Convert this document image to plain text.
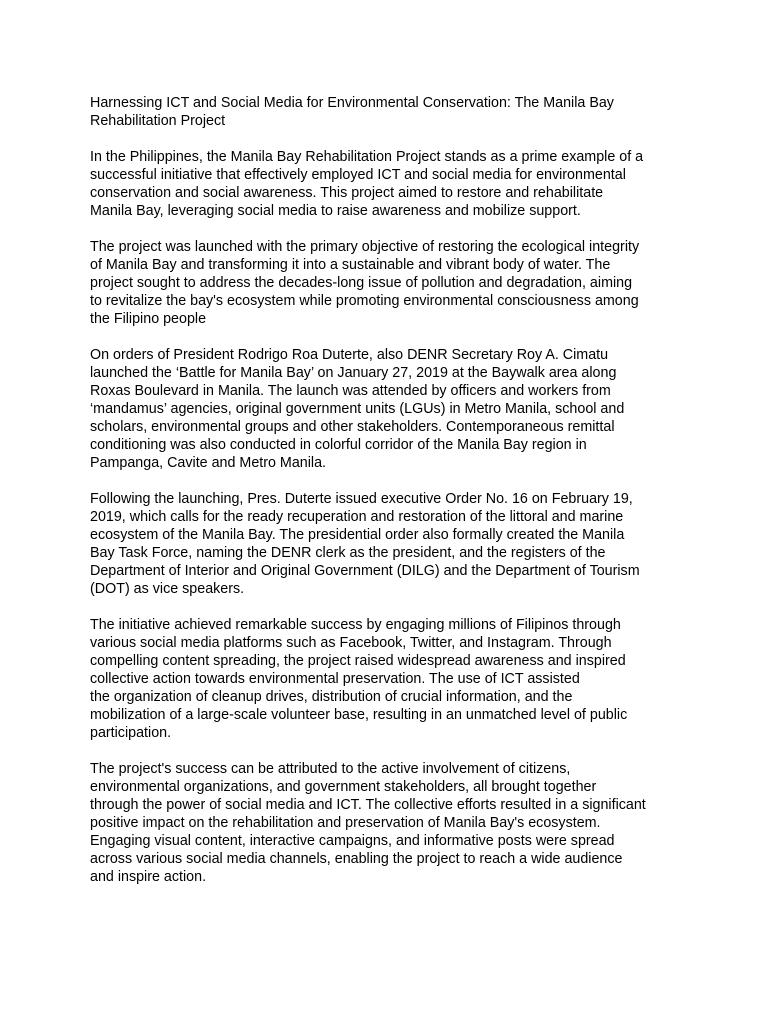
Harnessing ICT and Social Media for Environmental Conservation: The Manila Bay
Rehabilitation Project
In the Philippines, the Manila Bay Rehabilitation Project stands as a prime example of a
successful initiative that effectively employed ICT and social media for environmental
conservation and social awareness. This project aimed to restore and rehabilitate
Manila Bay, leveraging social media to raise awareness and mobilize support.
The project was launched with the primary objective of restoring the ecological integrity
of Manila Bay and transforming it into a sustainable and vibrant body of water. The
project sought to address the decades-long issue of pollution and degradation, aiming
to revitalize the bay's ecosystem while promoting environmental consciousness among
the Filipino people
On orders of President Rodrigo Roa Duterte, also DENR Secretary Roy A. Cimatu
launched the ‘Battle for Manila Bay’ on January 27, 2019 at the Baywalk area along
Roxas Boulevard in Manila. The launch was attended by officers and workers from
‘mandamus’ agencies, original government units (LGUs) in Metro Manila, school and
scholars, environmental groups and other stakeholders. Contemporaneous remittal
conditioning was also conducted in colorful corridor of the Manila Bay region in
Pampanga, Cavite and Metro Manila.
Following the launching, Pres. Duterte issued executive Order No. 16 on February 19,
2019, which calls for the ready recuperation and restoration of the littoral and marine
ecosystem of the Manila Bay. The presidential order also formally created the Manila
Bay Task Force, naming the DENR clerk as the president, and the registers of the
Department of Interior and Original Government (DILG) and the Department of Tourism
(DOT) as vice speakers.
The initiative achieved remarkable success by engaging millions of Filipinos through
various social media platforms such as Facebook, Twitter, and Instagram. Through
compelling content spreading, the project raised widespread awareness and inspired
collective action towards environmental preservation. The use of ICT assisted
the organization of cleanup drives, distribution of crucial information, and the
mobilization of a large-scale volunteer base, resulting in an unmatched level of public
participation.
The project's success can be attributed to the active involvement of citizens,
environmental organizations, and government stakeholders, all brought together
through the power of social media and ICT. The collective efforts resulted in a significant
positive impact on the rehabilitation and preservation of Manila Bay's ecosystem.
Engaging visual content, interactive campaigns, and informative posts were spread
across various social media channels, enabling the project to reach a wide audience
and inspire action.
